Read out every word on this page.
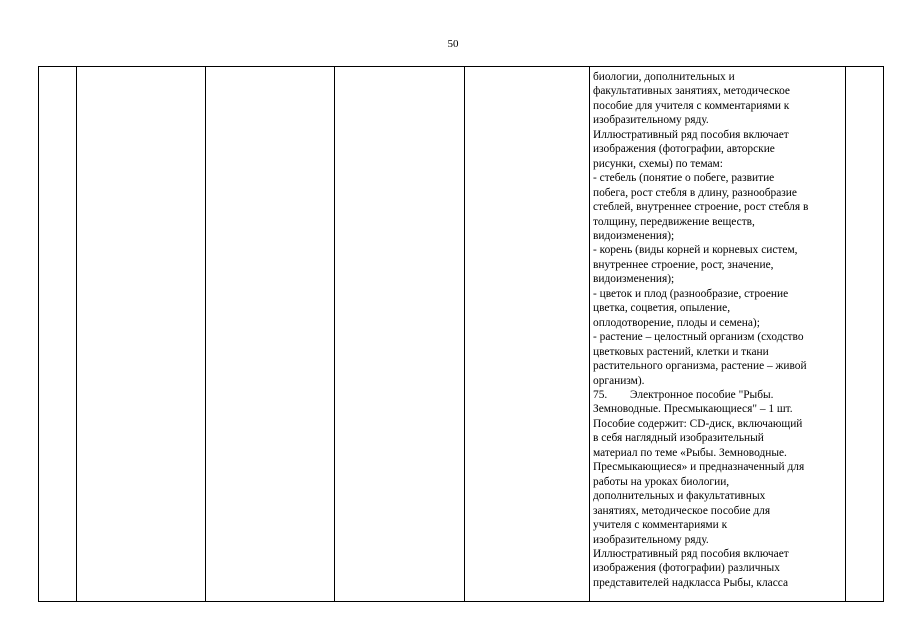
50

биологии, дополнительных и
факультативных занятиях, методическое
пособие для учителя с комментариями к
изобразительному ряду.
Иллюстративный ряд пособия включает
изображения (фотографии, авторские
рисунки, схемы) по темам:
- стебель (понятие о побеге, развитие
побега, рост стебля в длину, разнообразие
стеблей, внутреннее строение, рост стебля в
толщину, передвижение веществ,
видоизменения);
- корень (виды корней и корневых систем,
внутреннее строение, рост, значение,
видоизменения);
- цветок и плод (разнообразие, строение
цветка, соцветия, опыление,
оплодотворение, плоды и семена);
- растение – целостный организм (сходство
цветковых растений, клетки и ткани
растительного организма, растение – живой
организм).
75.        Электронное пособие "Рыбы.
Земноводные. Пресмыкающиеся" – 1 шт.
Пособие содержит: CD-диск, включающий
в себя наглядный изобразительный
материал по теме «Рыбы. Земноводные.
Пресмыкающиеся» и предназначенный для
работы на уроках биологии,
дополнительных и факультативных
занятиях, методическое пособие для
учителя с комментариями к
изобразительному ряду.
Иллюстративный ряд пособия включает
изображения (фотографии) различных
представителей надкласса Рыбы, класса
